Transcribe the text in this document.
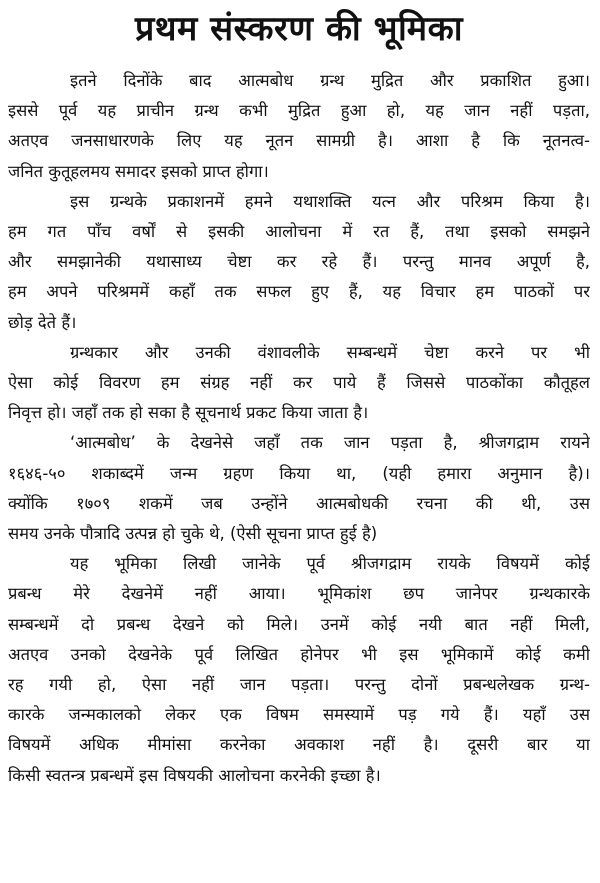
प्रथम संस्करण की भूमिका
इतने दिनोंके बाद आत्मबोध ग्रन्थ मुद्रित और प्रकाशित हुआ।
इससे पूर्व यह प्राचीन ग्रन्थ कभी मुद्रित हुआ हो, यह जान नहीं पड़ता,
अतएव जनसाधारणके लिए यह नूतन सामग्री है। आशा है कि नूतनत्व-
जनित कुतूहलमय समादर इसको प्राप्त होगा।
इस ग्रन्थके प्रकाशनमें हमने यथाशक्ति यत्न और परिश्रम किया है।
हम गत पाँच वर्षों से इसकी आलोचना में रत हैं, तथा इसको समझने
और समझानेकी यथासाध्य चेष्टा कर रहे हैं। परन्तु मानव अपूर्ण है,
हम अपने परिश्रममें कहाँ तक सफल हुए हैं, यह विचार हम पाठकों पर
छोड़ देते हैं।
ग्रन्थकार और उनकी वंशावलीके सम्बन्धमें चेष्टा करने पर भी
ऐसा कोई विवरण हम संग्रह नहीं कर पाये हैं जिससे पाठकोंका कौतूहल
निवृत्त हो। जहाँ तक हो सका है सूचनार्थ प्रकट किया जाता है।
‘आत्मबोध’ के देखनेसे जहाँ तक जान पड़ता है, श्रीजगद्राम रायने
१६४६-५० शकाब्दमें जन्म ग्रहण किया था, (यही हमारा अनुमान है)।
क्योंकि १७०९ शकमें जब उन्होंने आत्मबोधकी रचना की थी, उस
समय उनके पौत्रादि उत्पन्न हो चुके थे, (ऐसी सूचना प्राप्त हुई है)
यह भूमिका लिखी जानेके पूर्व श्रीजगद्राम रायके विषयमें कोई
प्रबन्ध मेरे देखनेमें नहीं आया। भूमिकांश छप जानेपर ग्रन्थकारके
सम्बन्धमें दो प्रबन्ध देखने को मिले। उनमें कोई नयी बात नहीं मिली,
अतएव उनको देखनेके पूर्व लिखित होनेपर भी इस भूमिकामें कोई कमी
रह गयी हो, ऐसा नहीं जान पड़ता। परन्तु दोनों प्रबन्धलेखक ग्रन्थ-
कारके जन्मकालको लेकर एक विषम समस्यामें पड़ गये हैं। यहाँ उस
विषयमें अधिक मीमांसा करनेका अवकाश नहीं है। दूसरी बार या
किसी स्वतन्त्र प्रबन्धमें इस विषयकी आलोचना करनेकी इच्छा है।
